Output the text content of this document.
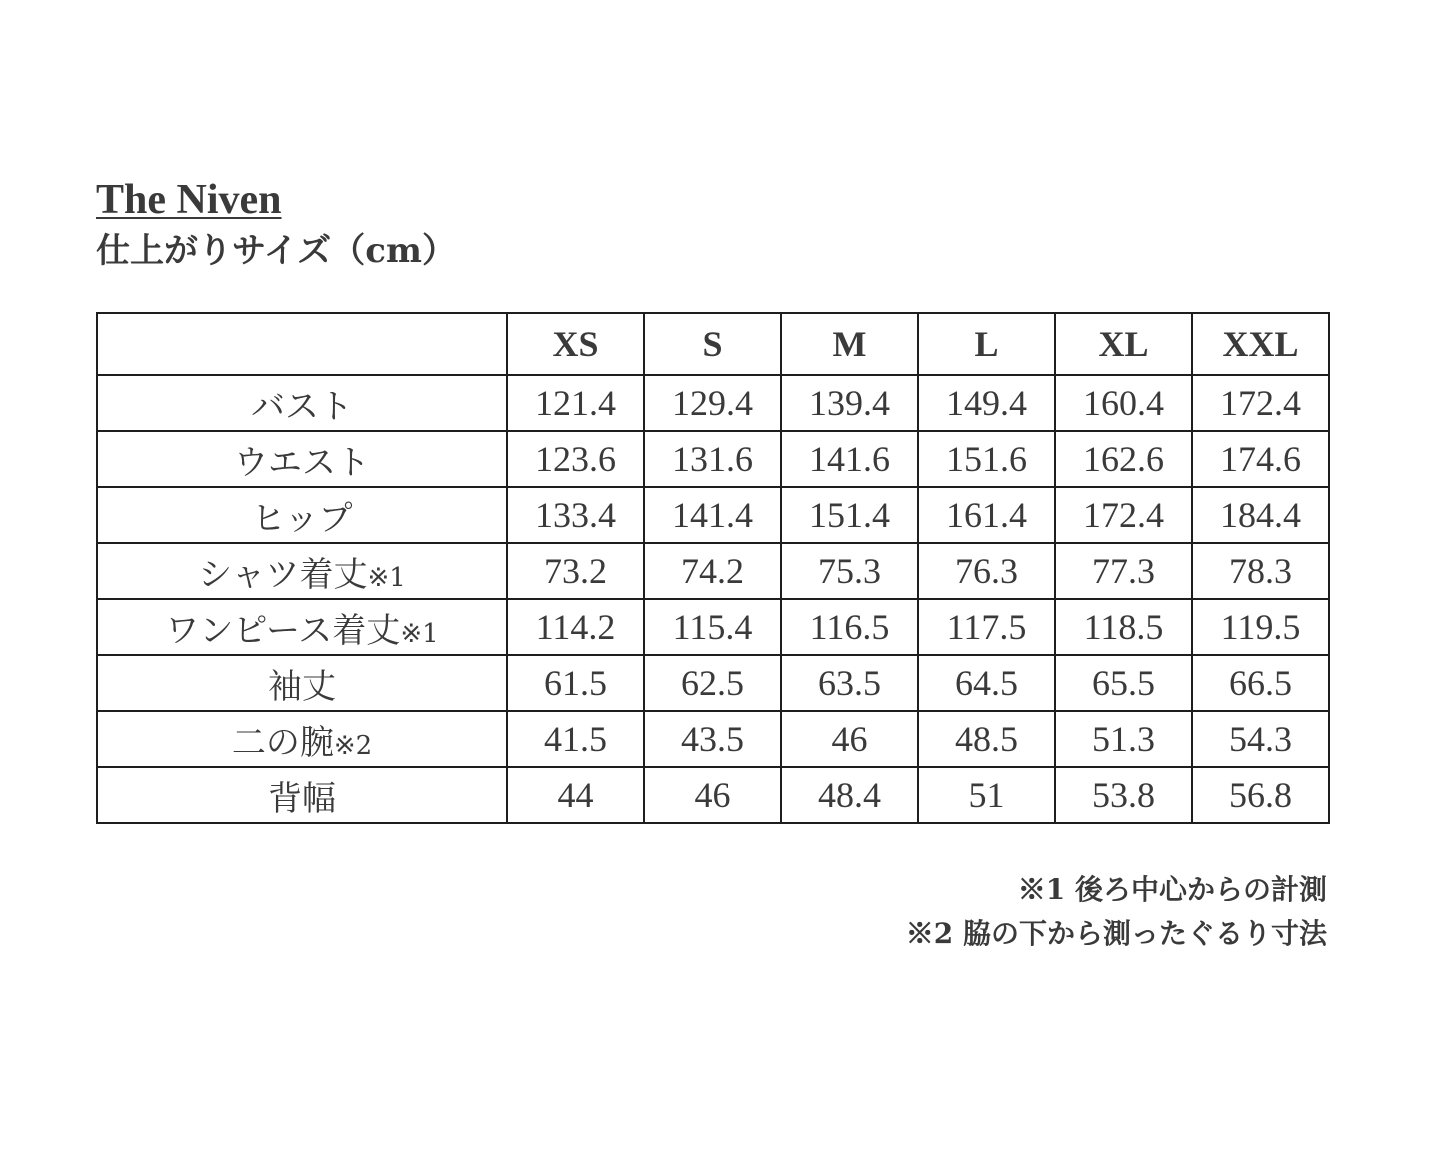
The Niven
仕上がりサイズ（cm）
	XS	S	M	L	XL	XXL
バスト	121.4	129.4	139.4	149.4	160.4	172.4
ウエスト	123.6	131.6	141.6	151.6	162.6	174.6
ヒップ	133.4	141.4	151.4	161.4	172.4	184.4
シャツ着丈※1	73.2	74.2	75.3	76.3	77.3	78.3
ワンピース着丈※1	114.2	115.4	116.5	117.5	118.5	119.5
袖丈	61.5	62.5	63.5	64.5	65.5	66.5
二の腕※2	41.5	43.5	46	48.5	51.3	54.3
背幅	44	46	48.4	51	53.8	56.8
※1 後ろ中心からの計測
※2 脇の下から測ったぐるり寸法
